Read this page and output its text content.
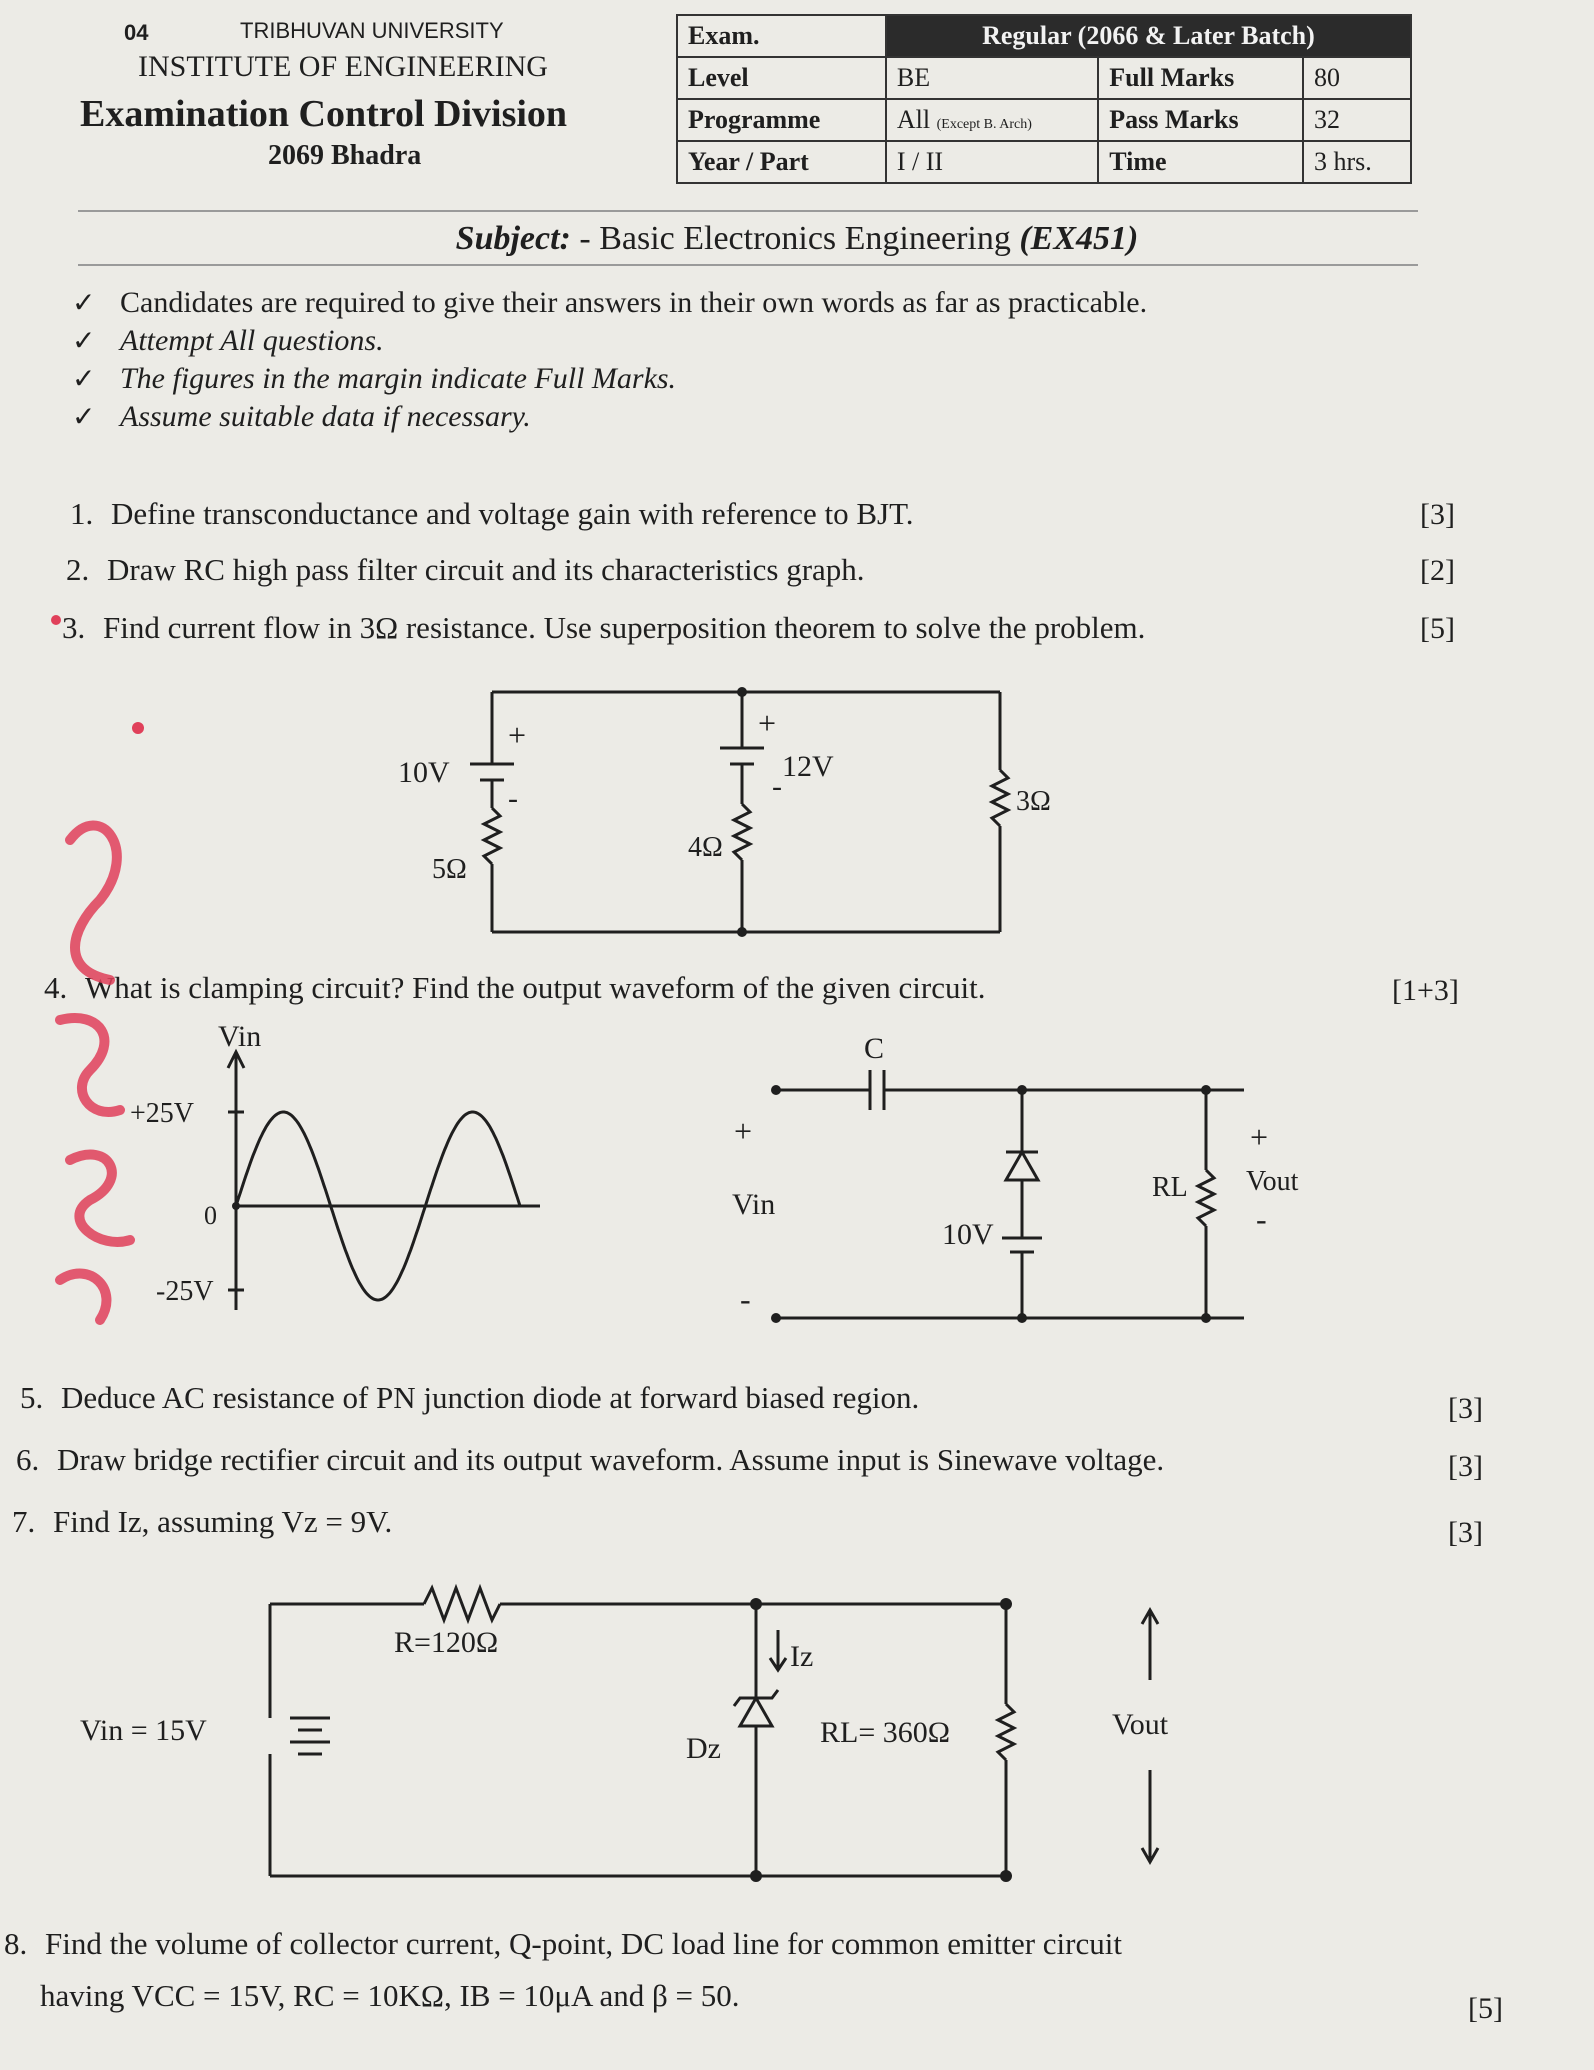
04	TRIBHUVAN UNIVERSITY
INSTITUTE OF ENGINEERING
Examination Control Division
2069 Bhadra
Exam.	Regular (2066 & Later Batch)		
Level	BE	Full Marks	80
Programme	All (Except B. Arch)	Pass Marks	32
Year / Part	I / II	Time	3 hrs.
Subject: - Basic Electronics Engineering (EX451)
✓ Candidates are required to give their answers in their own words as far as practicable.
✓ Attempt All questions.
✓ The figures in the margin indicate Full Marks.
✓ Assume suitable data if necessary.
1. Define transconductance and voltage gain with reference to BJT.	[3]
2. Draw RC high pass filter circuit and its characteristics graph.	[2]
3. Find current flow in 3Ω resistance. Use superposition theorem to solve the problem.	[5]
+
-
10V
+
-
12V
5Ω
4Ω
3Ω
4. What is clamping circuit? Find the output waveform of the given circuit.	[1+3]
Vin
+25V
0
-25V
C
+
Vin
-
10V
RL
+
Vout
-
5. Deduce AC resistance of PN junction diode at forward biased region.	[3]
6. Draw bridge rectifier circuit and its output waveform. Assume input is Sinewave voltage.	[3]
7. Find Iz, assuming Vz = 9V.	[3]
R=120Ω
Vin = 15V
Iz
Dz	RL= 360Ω	Vout
8. Find the volume of collector current, Q-point, DC load line for common emitter circuit
having VCC = 15V, RC = 10KΩ, IB = 10μA and β = 50.	[5]
